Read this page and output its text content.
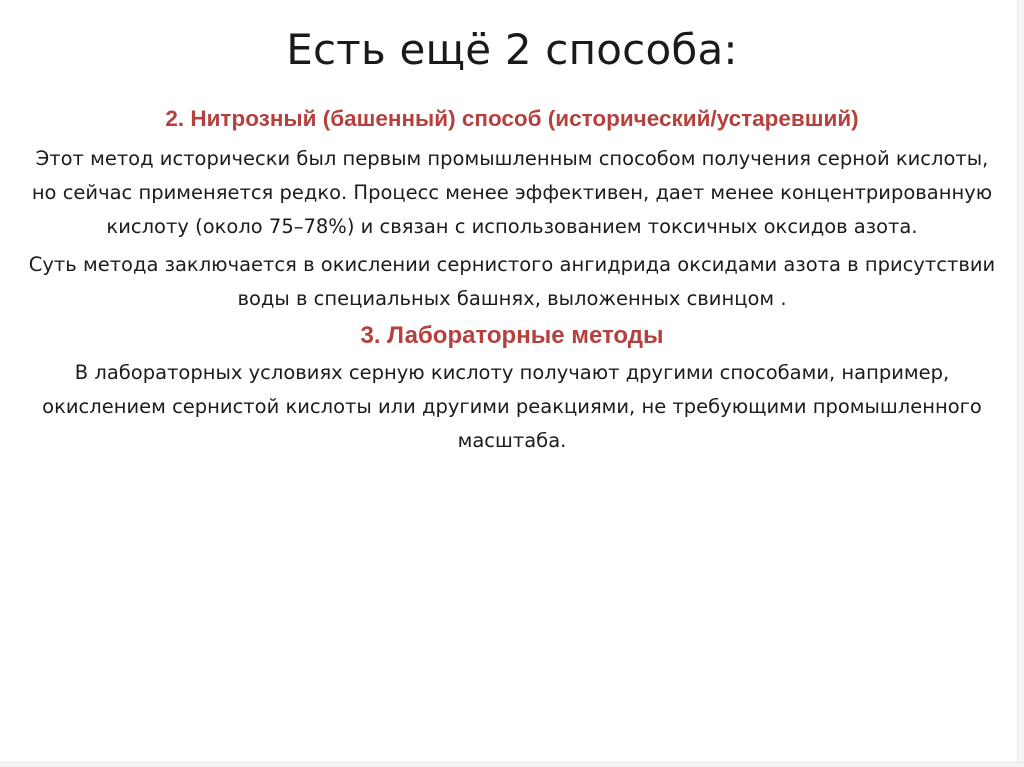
Есть ещё 2 способа:
2. Нитрозный (башенный) способ (исторический/устаревший)

Этот метод исторически был первым промышленным способом получения серной кислоты, но сейчас применяется редко. Процесс менее эффективен, дает менее концентрированную кислоту (около 75–78%) и связан с использованием токсичных оксидов азота.

Суть метода заключается в окислении сернистого ангидрида оксидами азота в присутствии воды в специальных башнях, выложенных свинцом .

3. Лабораторные методы

В лабораторных условиях серную кислоту получают другими способами, например, окислением сернистой кислоты или другими реакциями, не требующими промышленного масштаба.
